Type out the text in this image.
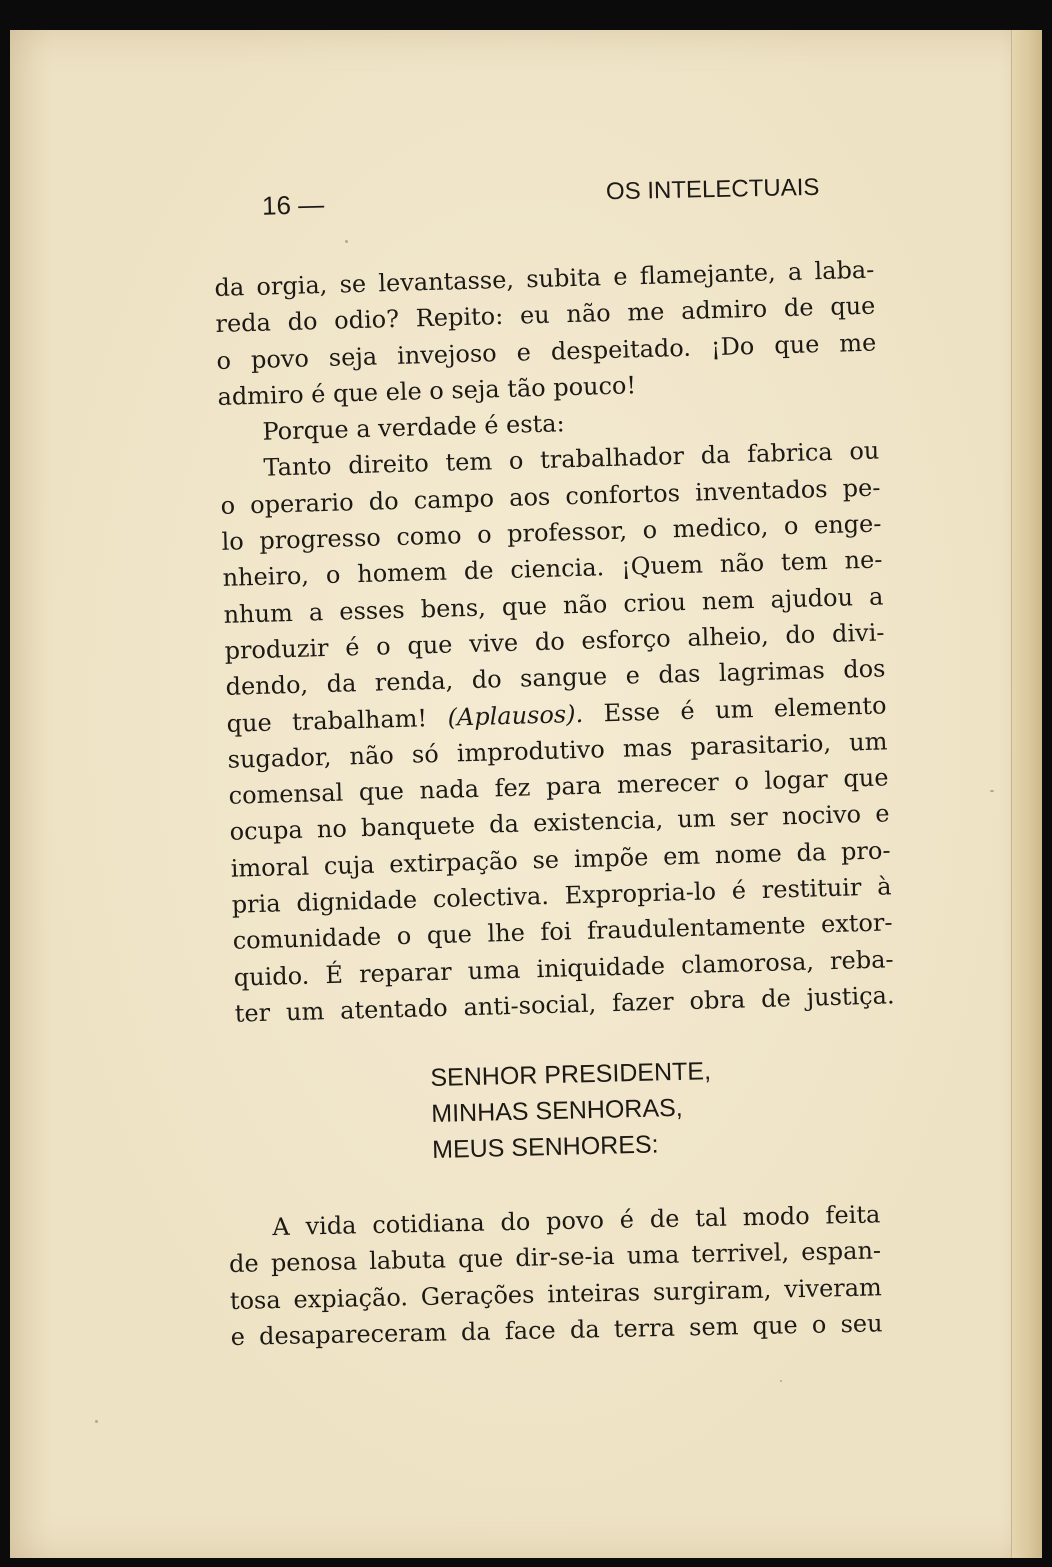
16 —	OS INTELECTUAIS
da orgia, se levantasse, subita e flamejante, a laba-
reda do odio? Repito: eu não me admiro de que
o povo seja invejoso e despeitado. ¡Do que me
admiro é que ele o seja tão pouco!
Porque a verdade é esta:
Tanto direito tem o trabalhador da fabrica ou
o operario do campo aos confortos inventados pe-
lo progresso como o professor, o medico, o enge-
nheiro, o homem de ciencia. ¡Quem não tem ne-
nhum a esses bens, que não criou nem ajudou a
produzir é o que vive do esforço alheio, do divi-
dendo, da renda, do sangue e das lagrimas dos
que trabalham! (Aplausos). Esse é um elemento
sugador, não só improdutivo mas parasitario, um
comensal que nada fez para merecer o logar que
ocupa no banquete da existencia, um ser nocivo e
imoral cuja extirpação se impõe em nome da pro-
pria dignidade colectiva. Expropria-lo é restituir à
comunidade o que lhe foi fraudulentamente extor-
quido. É reparar uma iniquidade clamorosa, reba-
ter um atentado anti-social, fazer obra de justiça.
SENHOR PRESIDENTE,
MINHAS SENHORAS,
MEUS SENHORES:
A vida cotidiana do povo é de tal modo feita
de penosa labuta que dir-se-ia uma terrivel, espan-
tosa expiação. Gerações inteiras surgiram, viveram
e desapareceram da face da terra sem que o seu
